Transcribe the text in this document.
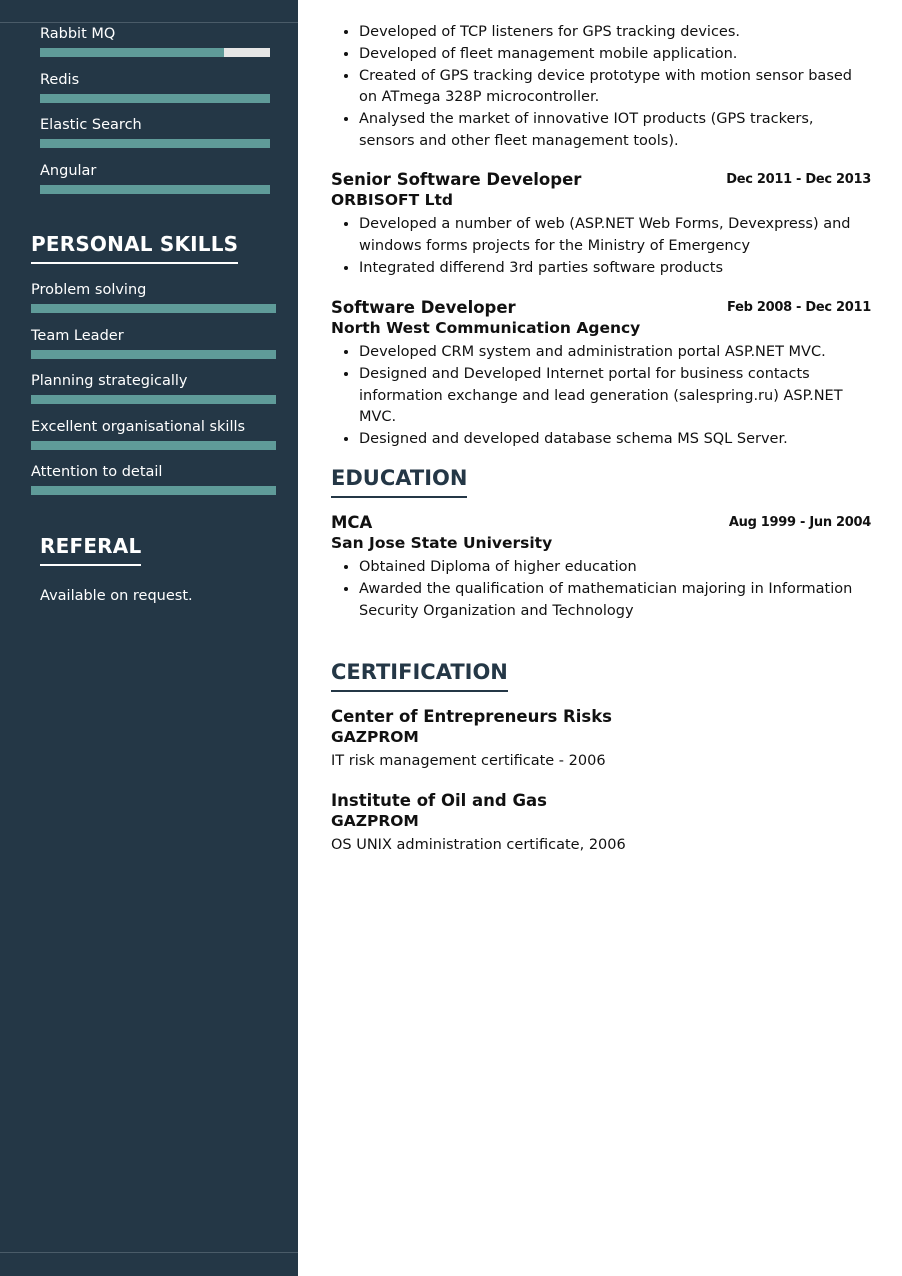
Rabbit MQ
Redis
Elastic Search
Angular
PERSONAL SKILLS
Problem solving
Team Leader
Planning strategically
Excellent organisational skills
Attention to detail
REFERAL
Available on request.
• Developed of TCP listeners for GPS tracking devices.
• Developed of fleet management mobile application.
• Created of GPS tracking device prototype with motion sensor based on ATmega 328P microcontroller.
• Analysed the market of innovative IOT products (GPS trackers, sensors and other fleet management tools).
Senior Software Developer	Dec 2011 - Dec 2013
ORBISOFT Ltd
• Developed a number of web (ASP.NET Web Forms, Devexpress) and windows forms projects for the Ministry of Emergency
• Integrated differend 3rd parties software products
Software Developer	Feb 2008 - Dec 2011
North West Communication Agency
• Developed CRM system and administration portal ASP.NET MVC.
• Designed and Developed Internet portal for business contacts information exchange and lead generation (salespring.ru) ASP.NET MVC.
• Designed and developed database schema MS SQL Server.
EDUCATION
MCA	Aug 1999 - Jun 2004
San Jose State University
• Obtained Diploma of higher education
• Awarded the qualification of mathematician majoring in Information Security Organization and Technology
CERTIFICATION
Center of Entrepreneurs Risks
GAZPROM
IT risk management certificate - 2006
Institute of Oil and Gas
GAZPROM
OS UNIX administration certificate, 2006
